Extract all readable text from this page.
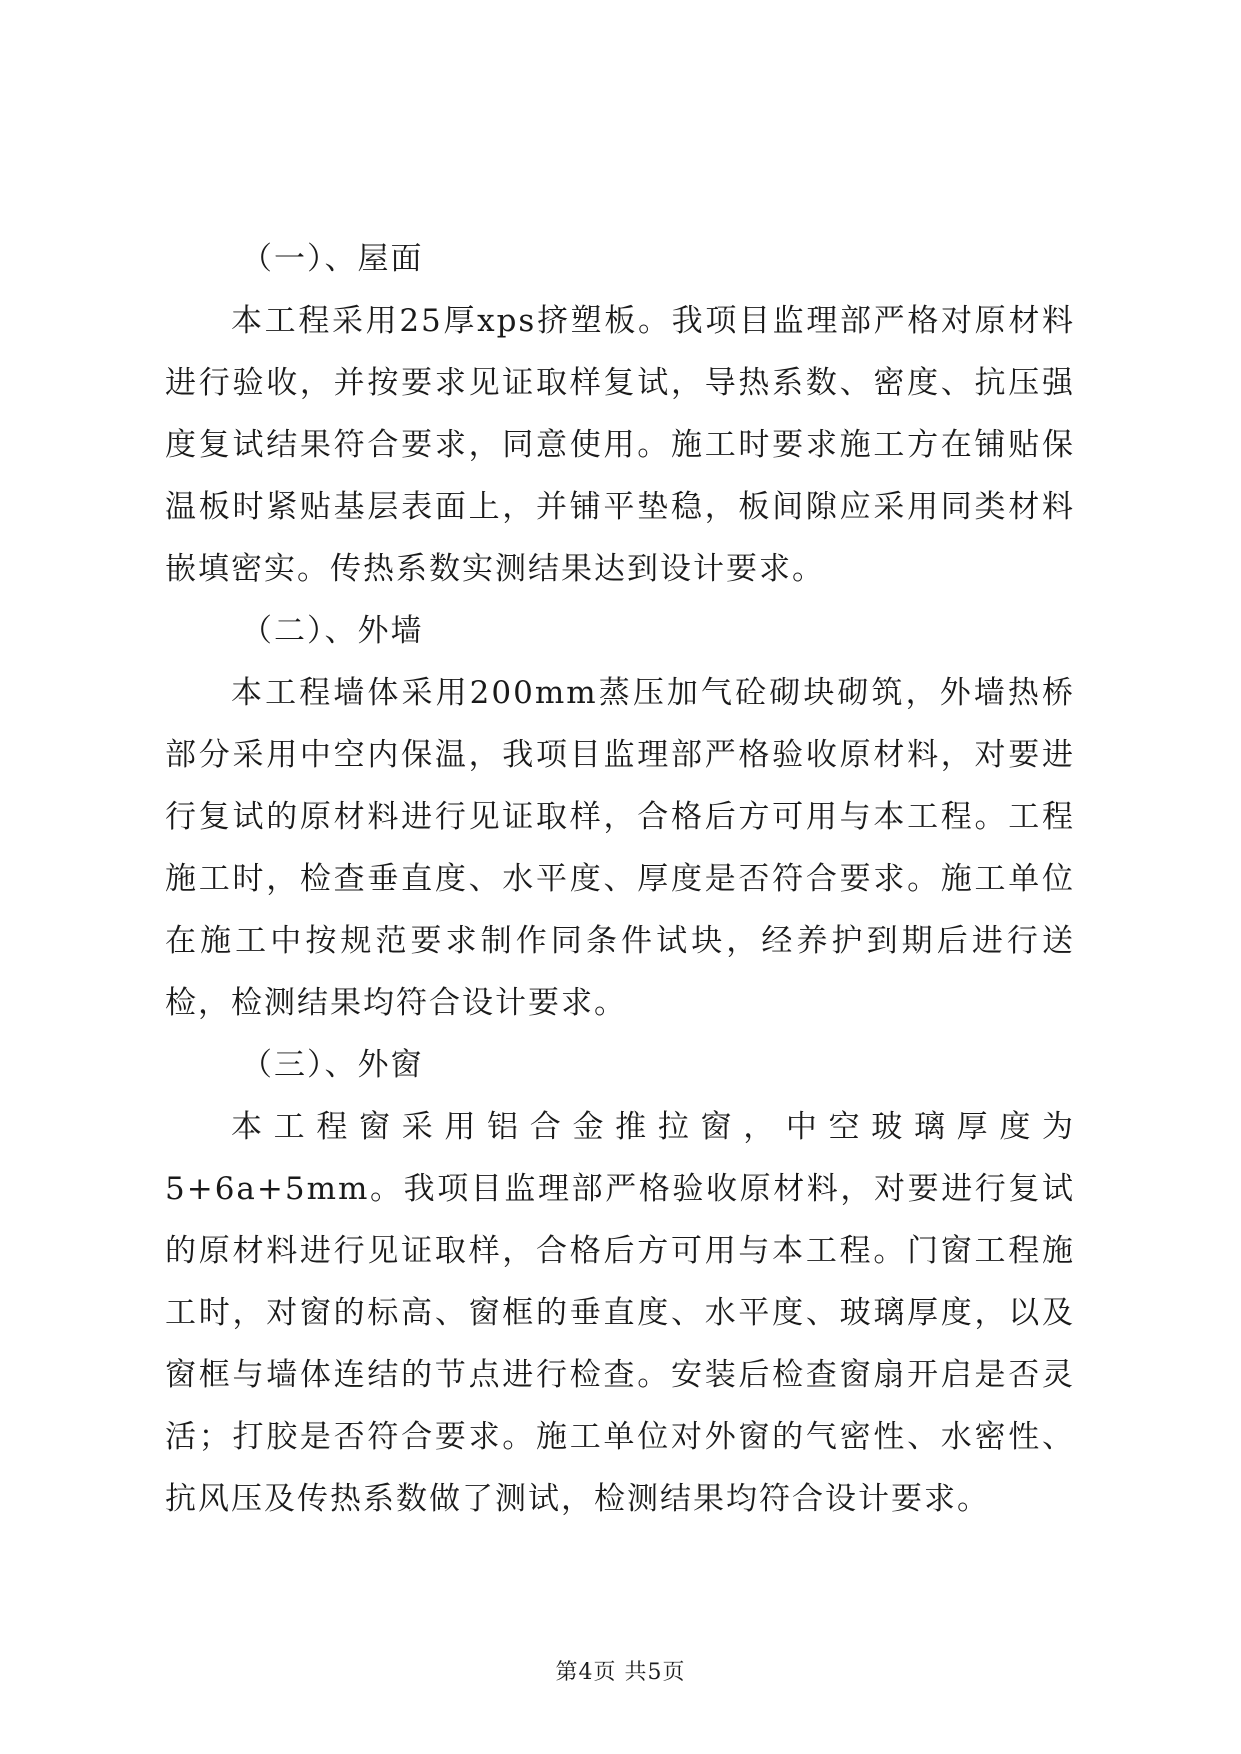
（一）、屋面

本工程采用25厚xps挤塑板。我项目监理部严格对原材料进行验收，并按要求见证取样复试，导热系数、密度、抗压强度复试结果符合要求，同意使用。施工时要求施工方在铺贴保温板时紧贴基层表面上，并铺平垫稳，板间隙应采用同类材料嵌填密实。传热系数实测结果达到设计要求。

（二）、外墙

本工程墙体采用200mm蒸压加气砼砌块砌筑，外墙热桥部分采用中空内保温，我项目监理部严格验收原材料，对要进行复试的原材料进行见证取样，合格后方可用与本工程。工程施工时，检查垂直度、水平度、厚度是否符合要求。施工单位在施工中按规范要求制作同条件试块，经养护到期后进行送检，检测结果均符合设计要求。

（三）、外窗

本工程窗采用铝合金推拉窗，中空玻璃厚度为5+6a+5mm。我项目监理部严格验收原材料，对要进行复试的原材料进行见证取样，合格后方可用与本工程。门窗工程施工时，对窗的标高、窗框的垂直度、水平度、玻璃厚度，以及窗框与墙体连结的节点进行检查。安装后检查窗扇开启是否灵活；打胶是否符合要求。施工单位对外窗的气密性、水密性、抗风压及传热系数做了测试，检测结果均符合设计要求。

第4页 共5页
